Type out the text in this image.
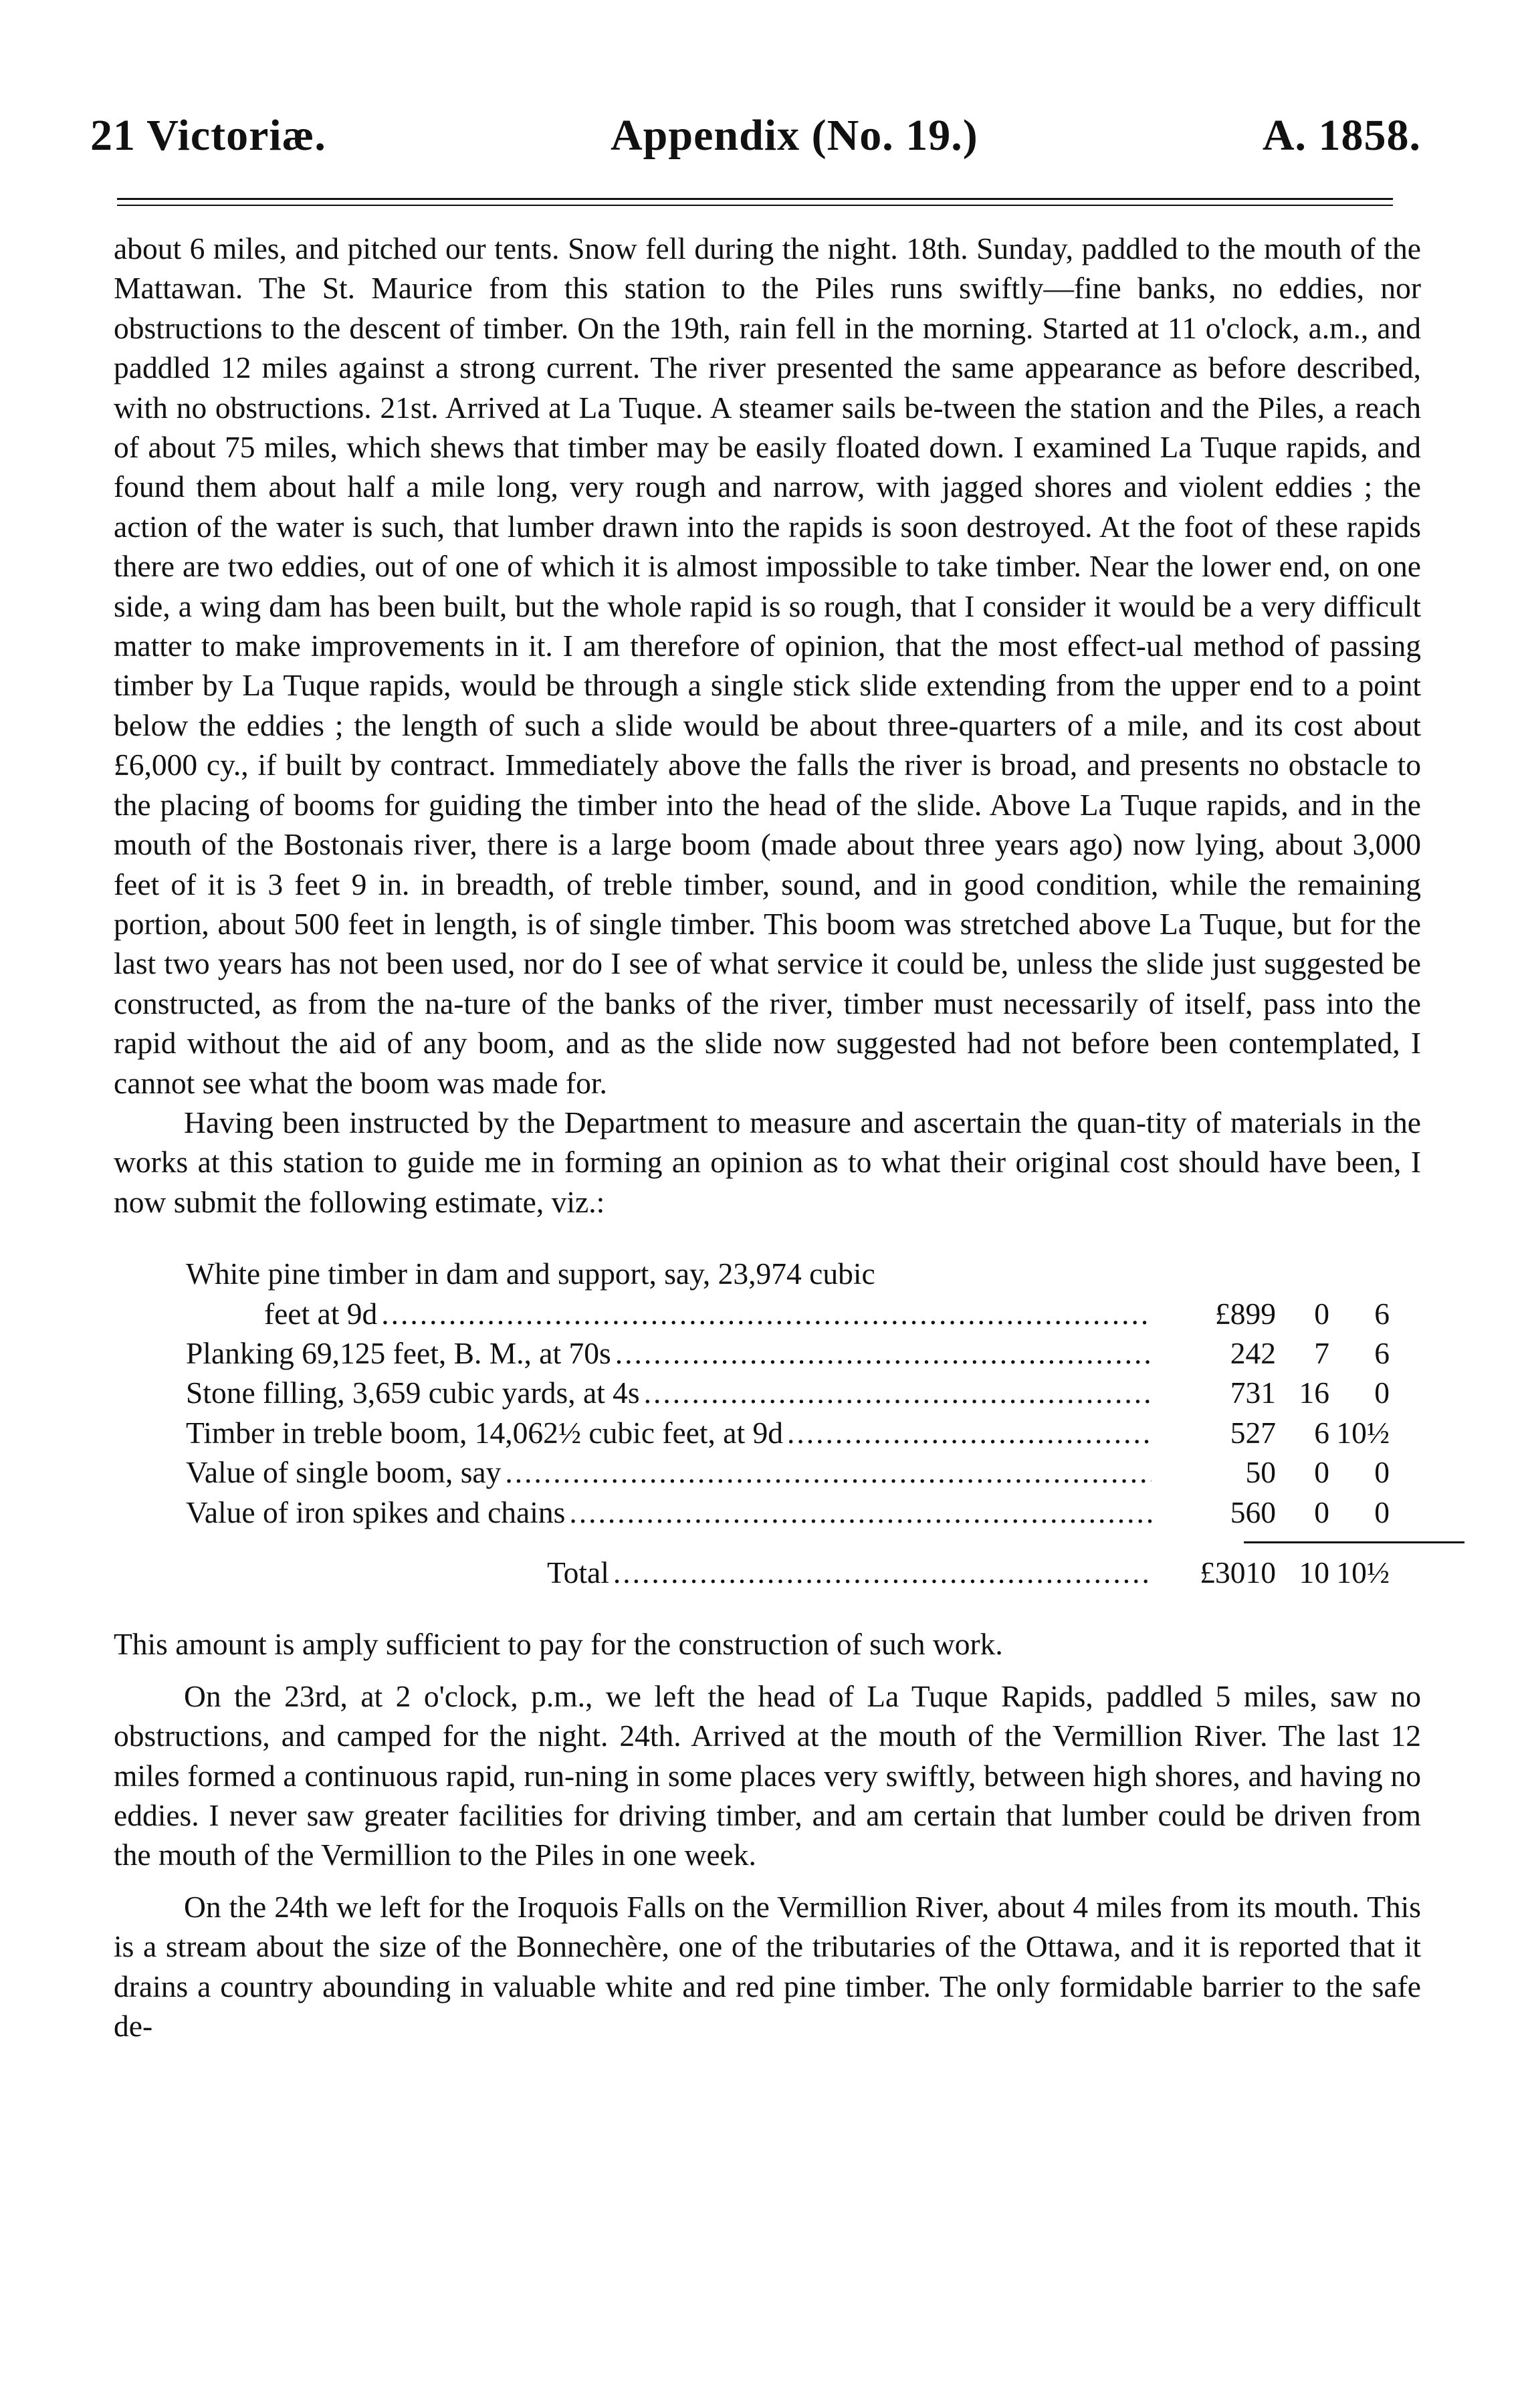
21 Victoriæ.	Appendix (No. 19.)	A. 1858.

about 6 miles, and pitched our tents. Snow fell during the night. 18th. Sunday, paddled to the mouth of the Mattawan. The St. Maurice from this station to the Piles runs swiftly—fine banks, no eddies, nor obstructions to the descent of timber. On the 19th, rain fell in the morning. Started at 11 o'clock, a.m., and paddled 12 miles against a strong current. The river presented the same appearance as before described, with no obstructions. 21st. Arrived at La Tuque. A steamer sails be-tween the station and the Piles, a reach of about 75 miles, which shews that timber may be easily floated down. I examined La Tuque rapids, and found them about half a mile long, very rough and narrow, with jagged shores and violent eddies ; the action of the water is such, that lumber drawn into the rapids is soon destroyed. At the foot of these rapids there are two eddies, out of one of which it is almost impossible to take timber. Near the lower end, on one side, a wing dam has been built, but the whole rapid is so rough, that I consider it would be a very difficult matter to make improvements in it. I am therefore of opinion, that the most effect-ual method of passing timber by La Tuque rapids, would be through a single stick slide extending from the upper end to a point below the eddies ; the length of such a slide would be about three-quarters of a mile, and its cost about £6,000 cy., if built by contract. Immediately above the falls the river is broad, and presents no obstacle to the placing of booms for guiding the timber into the head of the slide. Above La Tuque rapids, and in the mouth of the Bostonais river, there is a large boom (made about three years ago) now lying, about 3,000 feet of it is 3 feet 9 in. in breadth, of treble timber, sound, and in good condition, while the remaining portion, about 500 feet in length, is of single timber. This boom was stretched above La Tuque, but for the last two years has not been used, nor do I see of what service it could be, unless the slide just suggested be constructed, as from the na-ture of the banks of the river, timber must necessarily of itself, pass into the rapid without the aid of any boom, and as the slide now suggested had not before been contemplated, I cannot see what the boom was made for.

Having been instructed by the Department to measure and ascertain the quan-tity of materials in the works at this station to guide me in forming an opinion as to what their original cost should have been, I now submit the following estimate, viz.:

White pine timber in dam and support, say, 23,974 cubic
feet at 9d .....	£899	0	6
Planking 69,125 feet, B. M., at 70s .....	242	7	6
Stone filling, 3,659 cubic yards, at 4s .....	731 16	0
Timber in treble boom, 14,062½ cubic feet, at 9d .....	527	6 10½
Value of single boom, say .....	50	0	0
Value of iron spikes and chains .....	560	0	0
Total .....	£3010 10 10½

This amount is amply sufficient to pay for the construction of such work.

On the 23rd, at 2 o'clock, p.m., we left the head of La Tuque Rapids, paddled 5 miles, saw no obstructions, and camped for the night. 24th. Arrived at the mouth of the Vermillion River. The last 12 miles formed a continuous rapid, run-ning in some places very swiftly, between high shores, and having no eddies. I never saw greater facilities for driving timber, and am certain that lumber could be driven from the mouth of the Vermillion to the Piles in one week.

On the 24th we left for the Iroquois Falls on the Vermillion River, about 4 miles from its mouth. This is a stream about the size of the Bonnechère, one of the tributaries of the Ottawa, and it is reported that it drains a country abounding in valuable white and red pine timber. The only formidable barrier to the safe de-
